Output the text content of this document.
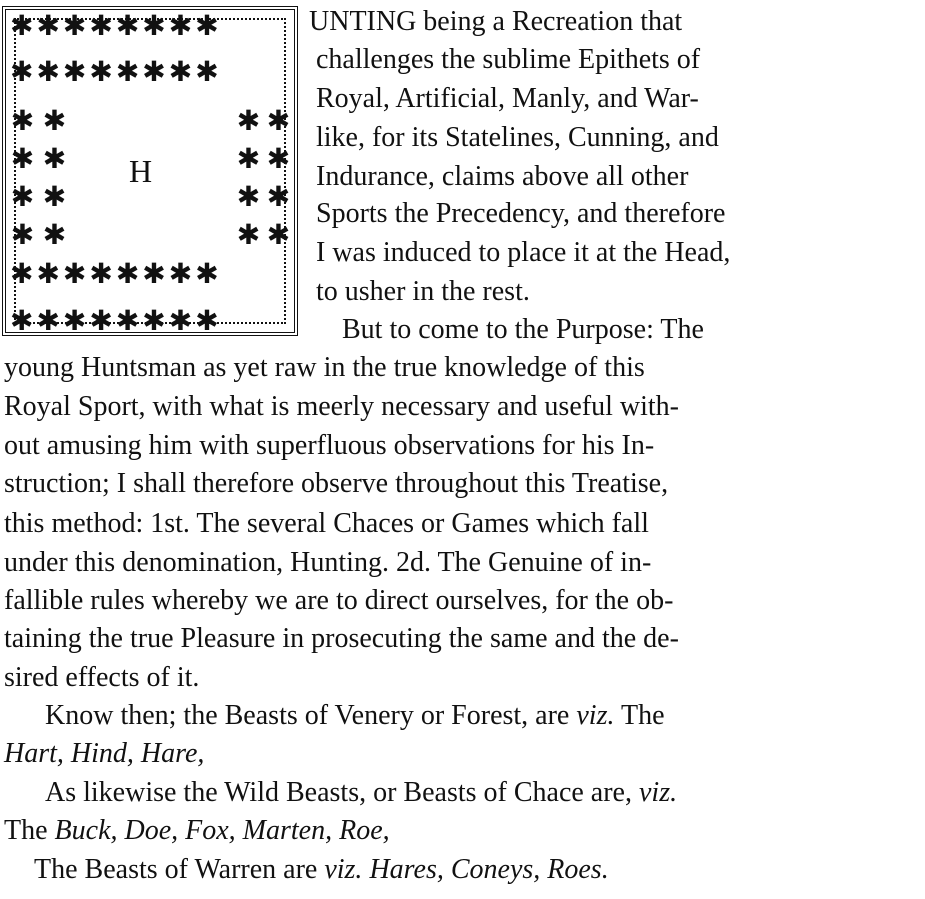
✱✱✱✱✱✱✱✱
✱✱✱✱✱✱✱✱
✱✱✱✱✱✱✱✱
✱✱✱✱✱✱✱✱
✱✱✱✱ ✱✱✱✱	✱✱✱✱
✱✱✱✱
H
UNTING being a Recreation that
challenges the sublime Epithets of
Royal, Artificial, Manly, and War-
like, for its Statelines, Cunning, and
Indurance, claims above all other
Sports the Precedency, and therefore
I was induced to place it at the Head,
to usher in the rest.
But to come to the Purpose: The
young Huntsman as yet raw in the true knowledge of this
Royal Sport, with what is meerly necessary and useful with-
out amusing him with superfluous observations for his In-
struction; I shall therefore observe throughout this Treatise,
this method: 1st. The several Chaces or Games which fall
under this denomination, Hunting. 2d. The Genuine of in-
fallible rules whereby we are to direct ourselves, for the ob-
taining the true Pleasure in prosecuting the same and the de-
sired effects of it.
Know then; the Beasts of Venery or Forest, are viz. The
Hart, Hind, Hare,
As likewise the Wild Beasts, or Beasts of Chace are, viz.
The Buck, Doe, Fox, Marten, Roe,
The Beasts of Warren are viz. Hares, Coneys, Roes.
